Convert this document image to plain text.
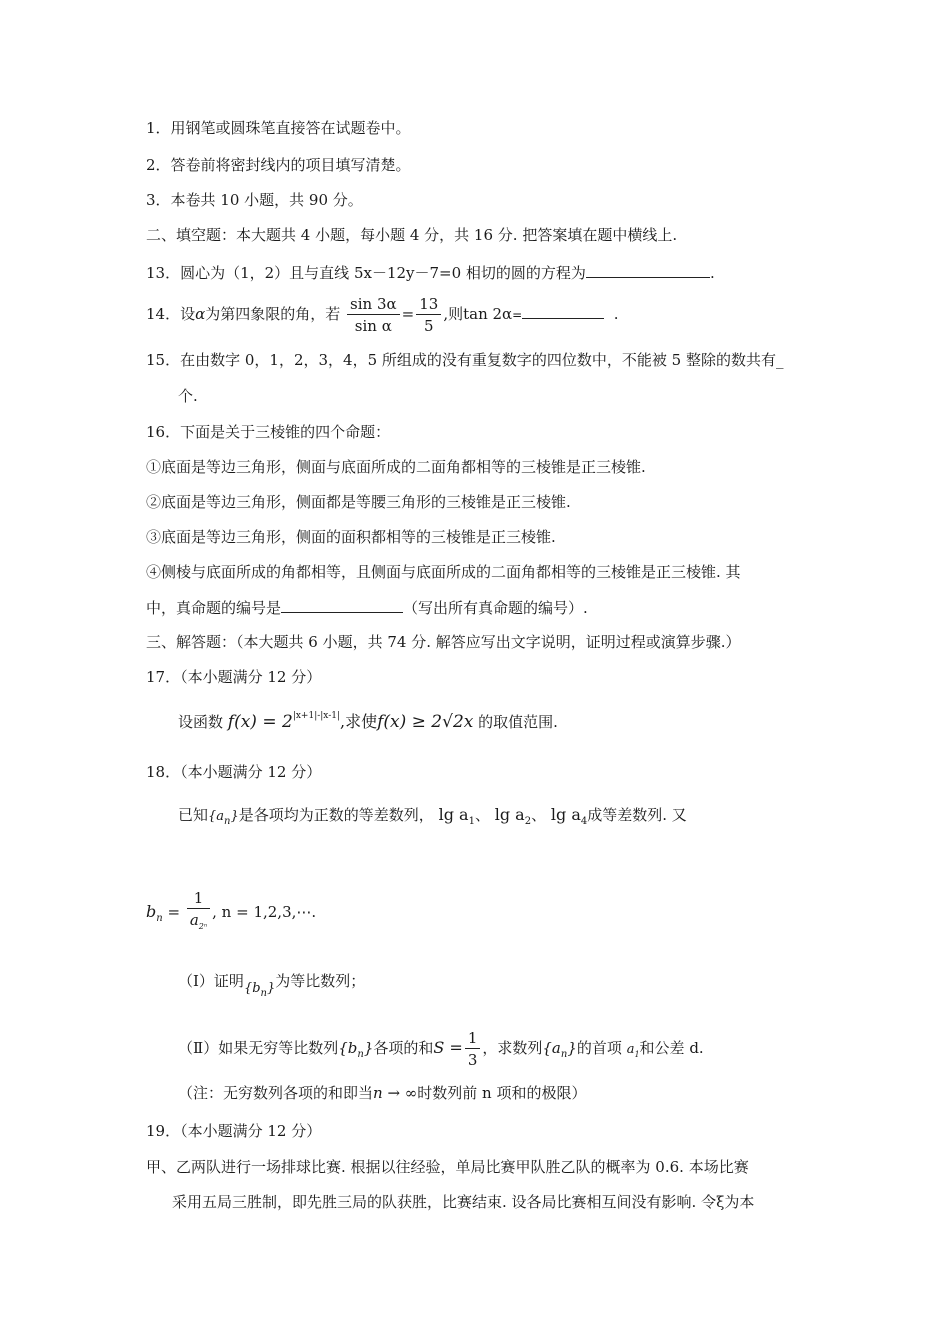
1．用钢笔或圆珠笔直接答在试题卷中。
2．答卷前将密封线内的项目填写清楚。
3．本卷共 10 小题，共 90 分。
二、填空题：本大题共 4 小题，每小题 4 分，共 16 分. 把答案填在题中横线上.
13．圆心为（1，2）且与直线 5x－12y－7=0 相切的圆的方程为	.
14．设α为第四象限的角，若 $\frac{\sin 3\alpha}{\text{sin α}} = \frac{13}{5}$ ,则tan 2α=	.
15．在由数字 0，1，2，3，4，5 所组成的没有重复数字的四位数中，不能被 5 整除的数共有_
个.
16．下面是关于三棱锥的四个命题：
①底面是等边三角形，侧面与底面所成的二面角都相等的三棱锥是正三棱锥.
②底面是等边三角形，侧面都是等腰三角形的三棱锥是正三棱锥.
③底面是等边三角形，侧面的面积都相等的三棱锥是正三棱锥.
④侧棱与底面所成的角都相等，且侧面与底面所成的二面角都相等的三棱锥是正三棱锥. 其
中，真命题的编号是	（写出所有真命题的编号）.
三、解答题：（本大题共 6 小题，共 74 分. 解答应写出文字说明，证明过程或演算步骤.）
17．（本小题满分 12 分）
设函数 $f(x) = 2^{|x+1|-|x-1|}$,求使f(x) ≥ 2√2x 的取值范围.
18．（本小题满分 12 分）
已知$\{a_n\}$是各项均为正数的等差数列， $\lg a_1$、 $\lg a_2$、 $\lg a_4$成等差数列. 又
$b_n = \frac{1}{a_{2^n}}$ , n = 1,2,3,⋯.
（Ⅰ）证明$\{b_n\}$为等比数列；
（Ⅱ）如果无穷等比数列$\{b_n\}$各项的和$S = \frac{1}{3}$ ，求数列$\{a_n\}$的首项 $a_1$和公差 d.
（注：无穷数列各项的和即当n → ∞时数列前 n 项和的极限）
19．（本小题满分 12 分）
甲、乙两队进行一场排球比赛. 根据以往经验，单局比赛甲队胜乙队的概率为 0.6. 本场比赛
采用五局三胜制，即先胜三局的队获胜，比赛结束. 设各局比赛相互间没有影响. 令ξ为本
